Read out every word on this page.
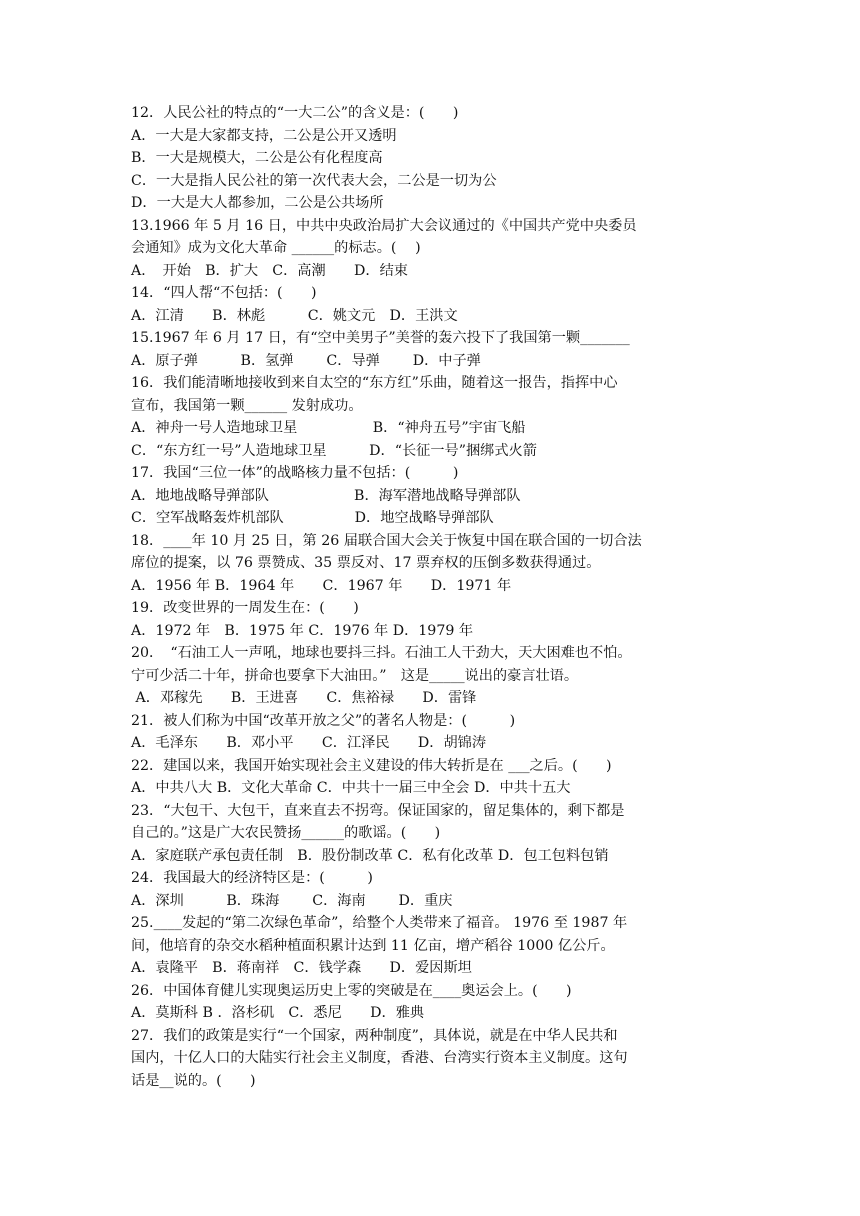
12．人民公社的特点的“一大二公”的含义是：(　　)
A．一大是大家都支持，二公是公开又透明
B．一大是规模大，二公是公有化程度高
C．一大是指人民公社的第一次代表大会，二公是一切为公
D．一大是大人都参加，二公是公共场所
13.1966 年 5 月 16 日，中共中央政治局扩大会议通过的《中国共产党中央委员
会通知》成为文化大革命 ______的标志。(　 )
A．　开始　B．扩大　C．高潮　　D．结束
14．“四人帮“不包括：(　　)
A．江清　　B．林彪　　　C．姚文元　D．王洪文
15.1967 年 6 月 17 日，有“空中美男子”美誉的轰六投下了我国第一颗_______
A．原子弹　　　B．氢弹　　 C．导弹　　 D．中子弹
16．我们能清晰地接收到来自太空的“东方红”乐曲，随着这一报告，指挥中心
宣布，我国第一颗______ 发射成功。
A．神舟一号人造地球卫星　　　　　 B．“神舟五号”宇宙飞船
C．“东方红一号”人造地球卫星　　　D．“长征一号”捆绑式火箭
17．我国“三位一体”的战略核力量不包括：(　　　)
A．地地战略导弹部队　　　　　　B．海军潜地战略导弹部队
C．空军战略轰炸机部队　　　　　D．地空战略导弹部队
18．____年 10 月 25 日，第 26 届联合国大会关于恢复中国在联合国的一切合法
席位的提案，以 76 票赞成、35 票反对、17 票弃权的压倒多数获得通过。
A．1956 年 B．1964 年　　C．1967 年　　D．1971 年
19．改变世界的一周发生在：(　　)
A．1972 年　B．1975 年 C．1976 年 D．1979 年
20．　“石油工人一声吼，地球也要抖三抖。石油工人干劲大，天大困难也不怕。
宁可少活二十年，拼命也要拿下大油田。”　这是_____说出的豪言壮语。
A．邓稼先　　B．王进喜　　C．焦裕禄　　D．雷锋
21．被人们称为中国“改革开放之父”的著名人物是：(　　　)
A．毛泽东　　B．邓小平　　C．江泽民　　D．胡锦涛
22．建国以来，我国开始实现社会主义建设的伟大转折是在 ___之后。(　　)
A．中共八大 B．文化大革命 C．中共十一届三中全会 D．中共十五大
23．“大包干、大包干，直来直去不拐弯。保证国家的，留足集体的，剩下都是
自己的。”这是广大农民赞扬______的歌谣。(　　)
A．家庭联产承包责任制　B．股份制改革 C．私有化改革 D．包工包料包销
24．我国最大的经济特区是：(　　　)
A．深圳　　　B．珠海　　 C．海南　　 D．重庆
25.____发起的“第二次绿色革命”，给整个人类带来了福音。 1976 至 1987 年
间，他培育的杂交水稻种植面积累计达到 11 亿亩，增产稻谷 1000 亿公斤。
A．袁隆平　B．蒋南祥　C．钱学森　　D．爱因斯坦
26．中国体育健儿实现奥运历史上零的突破是在____奥运会上。(　　)
A．莫斯科 B ．洛杉矶　C．悉尼　　D．雅典
27．我们的政策是实行“一个国家，两种制度”，具体说，就是在中华人民共和
国内，十亿人口的大陆实行社会主义制度，香港、台湾实行资本主义制度。这句
话是__说的。(　　)
